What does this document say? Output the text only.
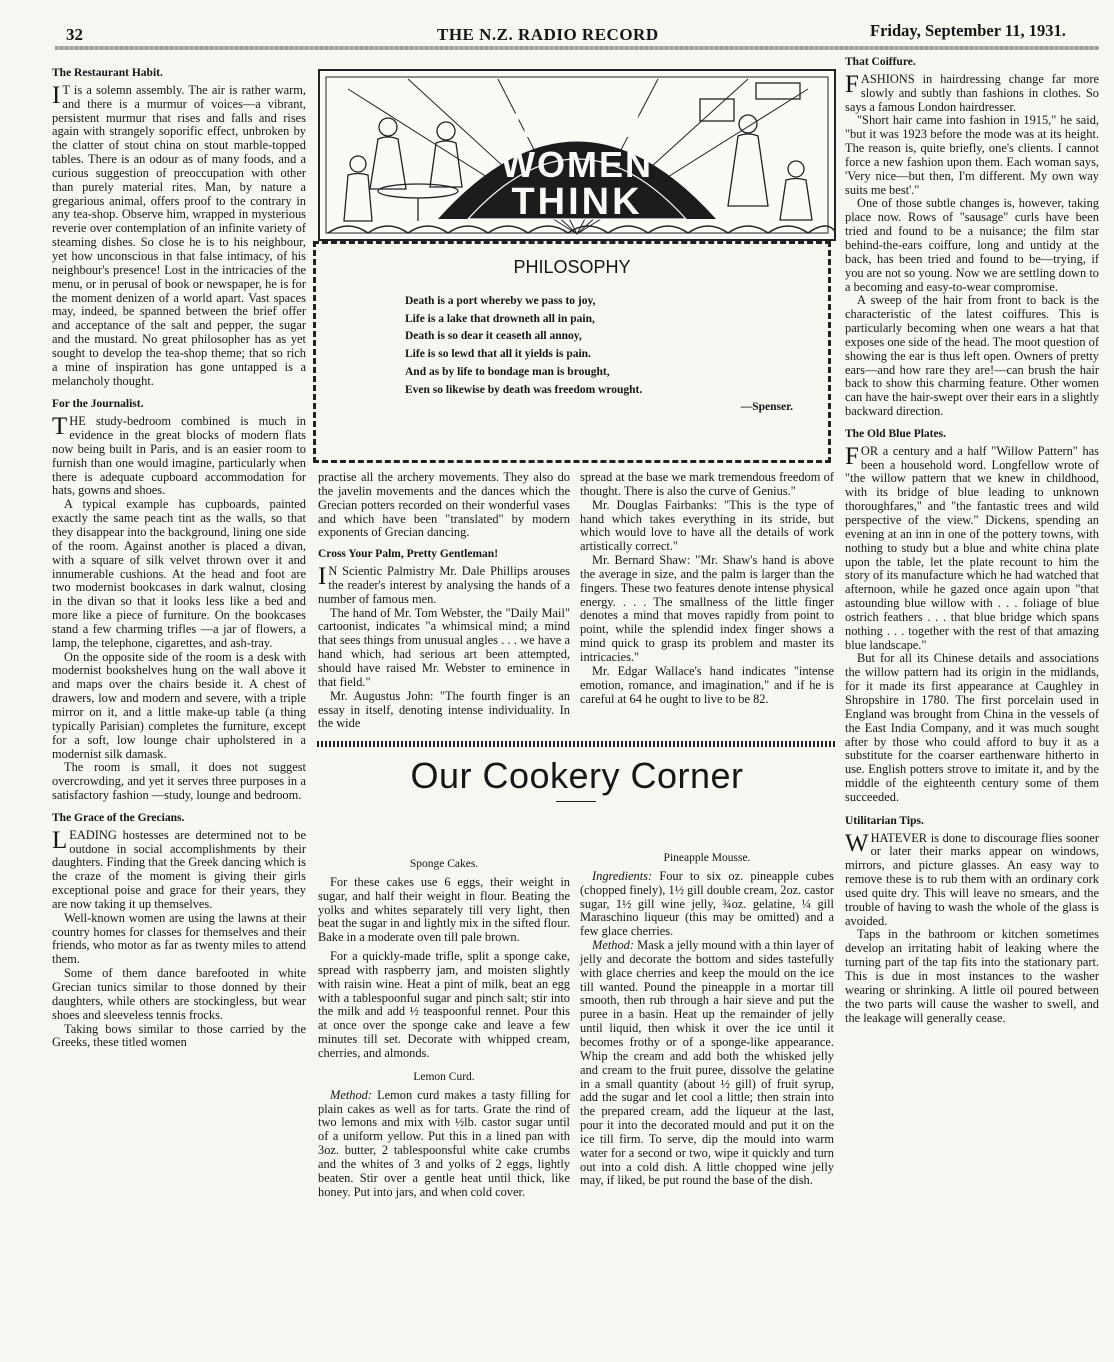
32	THE N.Z. RADIO RECORD	Friday, September 11, 1931.
WHAT WE
WOMEN
THINK
PHILOSOPHY
Death is a port whereby we pass to joy,
Life is a lake that drowneth all in pain,
Death is so dear it ceaseth all annoy,
Life is so lewd that all it yields is pain.
And as by life to bondage man is brought,
Even so likewise by death was freedom wrought.
—Spenser.
The Restaurant Habit.

I T is a solemn assembly. The air is rather warm, and there is a murmur of voices—a vibrant, persistent murmur that rises and falls and rises again with strangely soporific effect, unbroken by the clatter of stout china on stout marble-topped tables. There is an odour as of many foods, and a curious suggestion of preoccupation with other than purely material rites. Man, by nature a gregarious animal, offers proof to the contrary in any tea-shop. Observe him, wrapped in mysterious reverie over contemplation of an infinite variety of steaming dishes. So close he is to his neighbour, yet how unconscious in that false intimacy, of his neighbour's presence! Lost in the intricacies of the menu, or in perusal of book or newspaper, he is for the moment denizen of a world apart. Vast spaces may, indeed, be spanned between the brief offer and acceptance of the salt and pepper, the sugar and the mustard. No great philosopher has as yet sought to develop the tea-shop theme; that so rich a mine of inspiration has gone untapped is a melancholy thought.

For the Journalist.

THE study-bedroom combined is much in evidence in the great blocks of modern flats now being built in Paris, and is an easier room to furnish than one would imagine, particularly when there is adequate cupboard accommodation for hats, gowns and shoes.

A typical example has cupboards, painted exactly the same peach tint as the walls, so that they disappear into the background, lining one side of the room. Against another is placed a divan, with a square of silk velvet thrown over it and innumerable cushions. At the head and foot are two modernist bookcases in dark walnut, closing in the divan so that it looks less like a bed and more like a piece of furniture. On the bookcases stand a few charming trifles —a jar of flowers, a lamp, the telephone, cigarettes, and ash-tray.

On the opposite side of the room is a desk with modernist bookshelves hung on the wall above it and maps over the chairs beside it. A chest of drawers, low and modern and severe, with a triple mirror on it, and a little make-up table (a thing typically Parisian) completes the furniture, except for a soft, low lounge chair upholstered in a modernist silk damask.

The room is small, it does not suggest overcrowding, and yet it serves three purposes in a satisfactory fashion —study, lounge and bedroom.

The Grace of the Grecians.

LEADING hostesses are determined not to be outdone in social accomplishments by their daughters. Finding that the Greek dancing which is the craze of the moment is giving their girls exceptional poise and grace for their years, they are now taking it up themselves.

Well-known women are using the lawns at their country homes for classes for themselves and their friends, who motor as far as twenty miles to attend them.

Some of them dance barefooted in white Grecian tunics similar to those donned by their daughters, while others are stockingless, but wear shoes and sleeveless tennis frocks.

Taking bows similar to those carried by the Greeks, these titled women

practise all the archery movements. They also do the javelin movements and the dances which the Grecian potters recorded on their wonderful vases and which have been "translated" by modern exponents of Grecian dancing.

Cross Your Palm, Pretty Gentleman!

I N Scientic Palmistry Mr. Dale Phillips arouses the reader's interest by analysing the hands of a number of famous men.

The hand of Mr. Tom Webster, the "Daily Mail" cartoonist, indicates "a whimsical mind; a mind that sees things from unusual angles . . . we have a hand which, had serious art been attempted, should have raised Mr. Webster to eminence in that field."

Mr. Augustus John: "The fourth finger is an essay in itself, denoting intense individuality. In the wide

spread at the base we mark tremendous freedom of thought. There is also the curve of Genius."

Mr. Douglas Fairbanks: "This is the type of hand which takes everything in its stride, but which would love to have all the details of work artistically correct."

Mr. Bernard Shaw: "Mr. Shaw's hand is above the average in size, and the palm is larger than the fingers. These two features denote intense physical energy. . . . The smallness of the little finger denotes a mind that moves rapidly from point to point, while the splendid index finger shows a mind quick to grasp its problem and master its intricacies."

Mr. Edgar Wallace's hand indicates "intense emotion, romance, and imagination," and if he is careful at 64 he ought to live to be 82.

Our Cookery Corner
Sponge Cakes.

For these cakes use 6 eggs, their weight in sugar, and half their weight in flour. Beating the yolks and whites separately till very light, then beat the sugar in and lightly mix in the sifted flour. Bake in a moderate oven till pale brown.

For a quickly-made trifle, split a sponge cake, spread with raspberry jam, and moisten slightly with raisin wine. Heat a pint of milk, beat an egg with a tablespoonful sugar and pinch salt; stir into the milk and add ½ teaspoonful rennet. Pour this at once over the sponge cake and leave a few minutes till set. Decorate with whipped cream, cherries, and almonds.

Lemon Curd.

Method: Lemon curd makes a tasty filling for plain cakes as well as for tarts. Grate the rind of two lemons and mix with ½lb. castor sugar until of a uniform yellow. Put this in a lined pan with 3oz. butter, 2 tablespoonsful white cake crumbs and the whites of 3 and yolks of 2 eggs, lightly beaten. Stir over a gentle heat until thick, like honey. Put into jars, and when cold cover.

Pineapple Mousse.

Ingredients: Four to six oz. pineapple cubes (chopped finely), 1½ gill double cream, 2oz. castor sugar, 1½ gill wine jelly, ¾oz. gelatine, ¼ gill Maraschino liqueur (this may be omitted) and a few glace cherries.

Method: Mask a jelly mound with a thin layer of jelly and decorate the bottom and sides tastefully with glace cherries and keep the mould on the ice till wanted. Pound the pineapple in a mortar till smooth, then rub through a hair sieve and put the puree in a basin. Heat up the remainder of jelly until liquid, then whisk it over the ice until it becomes frothy or of a sponge-like appearance. Whip the cream and add both the whisked jelly and cream to the fruit puree, dissolve the gelatine in a small quantity (about ½ gill) of fruit syrup, add the sugar and let cool a little; then strain into the prepared cream, add the liqueur at the last, pour it into the decorated mould and put it on the ice till firm. To serve, dip the mould into warm water for a second or two, wipe it quickly and turn out into a cold dish. A little chopped wine jelly may, if liked, be put round the base of the dish.

That Coiffure.

FASHIONS in hairdressing change far more slowly and subtly than fashions in clothes. So says a famous London hairdresser.

"Short hair came into fashion in 1915," he said, "but it was 1923 before the mode was at its height. The reason is, quite briefly, one's clients. I cannot force a new fashion upon them. Each woman says, 'Very nice—but then, I'm different. My own way suits me best'."

One of those subtle changes is, however, taking place now. Rows of "sausage" curls have been tried and found to be a nuisance; the film star behind-the-ears coiffure, long and untidy at the back, has been tried and found to be—trying, if you are not so young. Now we are settling down to a becoming and easy-to-wear compromise.

A sweep of the hair from front to back is the characteristic of the latest coiffures. This is particularly becoming when one wears a hat that exposes one side of the head. The moot question of showing the ear is thus left open. Owners of pretty ears—and how rare they are!—can brush the hair back to show this charming feature. Other women can have the hair-swept over their ears in a slightly backward direction.

The Old Blue Plates.

FOR a century and a half "Willow Pattern" has been a household word. Longfellow wrote of "the willow pattern that we knew in childhood, with its bridge of blue leading to unknown thoroughfares," and "the fantastic trees and wild perspective of the view." Dickens, spending an evening at an inn in one of the pottery towns, with nothing to study but a blue and white china plate upon the table, let the plate recount to him the story of its manufacture which he had watched that afternoon, while he gazed once again upon "that astounding blue willow with . . . foliage of blue ostrich feathers . . . that blue bridge which spans nothing . . . together with the rest of that amazing blue landscape."

But for all its Chinese details and associations the willow pattern had its origin in the midlands, for it made its first appearance at Caughley in Shropshire in 1780. The first porcelain used in England was brought from China in the vessels of the East India Company, and it was much sought after by those who could afford to buy it as a substitute for the coarser earthenware hitherto in use. English potters strove to imitate it, and by the middle of the eighteenth century some of them succeeded.

Utilitarian Tips.

WHATEVER is done to discourage flies sooner or later their marks appear on windows, mirrors, and picture glasses. An easy way to remove these is to rub them with an ordinary cork used quite dry. This will leave no smears, and the trouble of having to wash the whole of the glass is avoided.

Taps in the bathroom or kitchen sometimes develop an irritating habit of leaking where the turning part of the tap fits into the stationary part. This is due in most instances to the washer wearing or shrinking. A little oil poured between the two parts will cause the washer to swell, and the leakage will generally cease.
